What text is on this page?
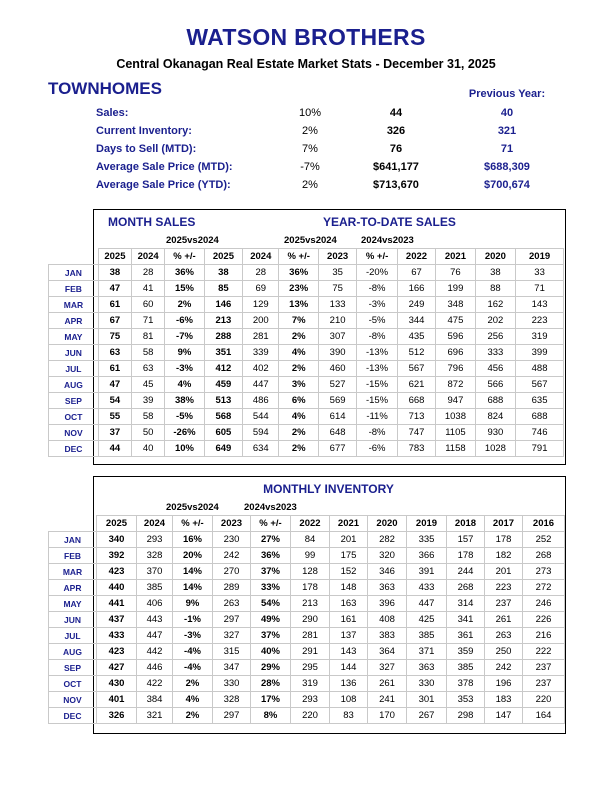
WATSON BROTHERS
Central Okanagan Real Estate Market Stats - December 31, 2025
TOWNHOMES	Previous Year:
Sales:	10%	44	40
Current Inventory:	2%	326	321
Days to Sell (MTD):	7%	76	71
Average Sale Price (MTD):	-7%	$641,177	$688,309
Average Sale Price (YTD):	2%	$713,670	$700,674
MONTH SALES	YEAR-TO-DATE SALES
2025vs2024	2025vs2024	2024vs2023
	2025	2024	% +/-	2025	2024	% +/-	2023	% +/-	2022	2021	2020	2019
JAN	38	28	36%	38	28	36%	35	-20%	67	76	38	33
FEB	47	41	15%	85	69	23%	75	-8%	166	199	88	71
MAR	61	60	2%	146	129	13%	133	-3%	249	348	162	143
APR	67	71	-6%	213	200	7%	210	-5%	344	475	202	223
MAY	75	81	-7%	288	281	2%	307	-8%	435	596	256	319
JUN	63	58	9%	351	339	4%	390	-13%	512	696	333	399
JUL	61	63	-3%	412	402	2%	460	-13%	567	796	456	488
AUG	47	45	4%	459	447	3%	527	-15%	621	872	566	567
SEP	54	39	38%	513	486	6%	569	-15%	668	947	688	635
OCT	55	58	-5%	568	544	4%	614	-11%	713	1038	824	688
NOV	37	50	-26%	605	594	2%	648	-8%	747	1105	930	746
DEC	44	40	10%	649	634	2%	677	-6%	783	1158	1028	791
MONTHLY INVENTORY
2025vs2024	2024vs2023
	2025	2024	% +/-	2023	% +/-	2022	2021	2020	2019	2018	2017	2016
JAN	340	293	16%	230	27%	84	201	282	335	157	178	252
FEB	392	328	20%	242	36%	99	175	320	366	178	182	268
MAR	423	370	14%	270	37%	128	152	346	391	244	201	273
APR	440	385	14%	289	33%	178	148	363	433	268	223	272
MAY	441	406	9%	263	54%	213	163	396	447	314	237	246
JUN	437	443	-1%	297	49%	290	161	408	425	341	261	226
JUL	433	447	-3%	327	37%	281	137	383	385	361	263	216
AUG	423	442	-4%	315	40%	291	143	364	371	359	250	222
SEP	427	446	-4%	347	29%	295	144	327	363	385	242	237
OCT	430	422	2%	330	28%	319	136	261	330	378	196	237
NOV	401	384	4%	328	17%	293	108	241	301	353	183	220
DEC	326	321	2%	297	8%	220	83	170	267	298	147	164
